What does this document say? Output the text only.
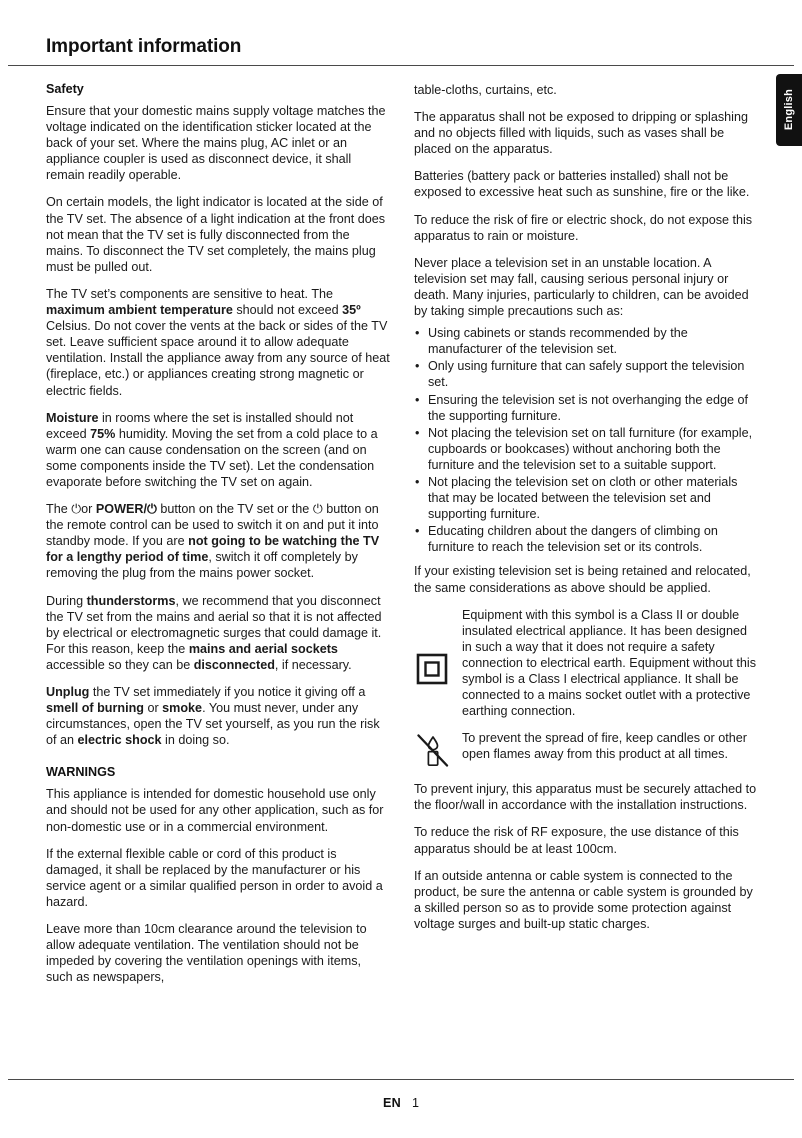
Important information
English
Safety

Ensure that your domestic mains supply voltage matches the voltage indicated on the identification sticker located at the back of your set. Where the mains plug, AC inlet or an appliance coupler is used as disconnect device, it shall remain readily operable.

On certain models, the light indicator is located at the side of the TV set. The absence of a light indication at the front does not mean that the TV set is fully disconnected from the mains. To disconnect the TV set completely, the mains plug must be pulled out.

The TV set’s components are sensitive to heat. The maximum ambient temperature should not exceed 35º Celsius. Do not cover the vents at the back or sides of the TV set. Leave sufficient space around it to allow adequate ventilation. Install the appliance away from any source of heat (fireplace, etc.) or appliances creating strong magnetic or electric fields.

Moisture in rooms where the set is installed should not exceed 75% humidity. Moving the set from a cold place to a warm one can cause condensation on the screen (and on some components inside the TV set). Let the condensation evaporate before switching the TV set on again.

The ⏻or POWER/⏻ button on the TV set or the ⏻ button on the remote control can be used to switch it on and put it into standby mode. If you are not going to be watching the TV for a lengthy period of time, switch it off completely by removing the plug from the mains power socket.

During thunderstorms, we recommend that you disconnect the TV set from the mains and aerial so that it is not affected by electrical or electromagnetic surges that could damage it. For this reason, keep the mains and aerial sockets accessible so they can be disconnected, if necessary.

Unplug the TV set immediately if you notice it giving off a smell of burning or smoke. You must never, under any circumstances, open the TV set yourself, as you run the risk of an electric shock in doing so.

WARNINGS

This appliance is intended for domestic household use only and should not be used for any other application, such as for non-domestic use or in a commercial environment.

If the external flexible cable or cord of this product is damaged, it shall be replaced by the manufacturer or his service agent or a similar qualified person in order to avoid a hazard.

Leave more than 10cm clearance around the television to allow adequate ventilation. The ventilation should not be impeded by covering the ventilation openings with items, such as newspapers,

table-cloths, curtains, etc.

The apparatus shall not be exposed to dripping or splashing and no objects filled with liquids, such as vases shall be placed on the apparatus.

Batteries (battery pack or batteries installed) shall not be exposed to excessive heat such as sunshine, fire or the like.

To reduce the risk of fire or electric shock, do not expose this apparatus to rain or moisture.

Never place a television set in an unstable location. A television set may fall, causing serious personal injury or death. Many injuries, particularly to children, can be avoided by taking simple precautions such as:

• Using cabinets or stands recommended by the manufacturer of the television set.
• Only using furniture that can safely support the television set.
• Ensuring the television set is not overhanging the edge of the supporting furniture.
• Not placing the television set on tall furniture (for example, cupboards or bookcases) without anchoring both the furniture and the television set to a suitable support.
• Not placing the television set on cloth or other materials that may be located between the television set and supporting furniture.
• Educating children about the dangers of climbing on furniture to reach the television set or its controls.

If your existing television set is being retained and relocated, the same considerations as above should be applied.

Equipment with this symbol is a Class II or double insulated electrical appliance. It has been designed in such a way that it does not require a safety connection to electrical earth. Equipment without this symbol is a Class I electrical appliance. It shall be connected to a mains socket outlet with a protective earthing connection.
To prevent the spread of fire, keep candles or other open flames away from this product at all times.

To prevent injury, this apparatus must be securely attached to the floor/wall in accordance with the installation instructions.

To reduce the risk of RF exposure, the use distance of this apparatus should be at least 100cm.

If an outside antenna or cable system is connected to the product, be sure the antenna or cable system is grounded by a skilled person so as to provide some protection against voltage surges and built-up static charges.

EN 1
